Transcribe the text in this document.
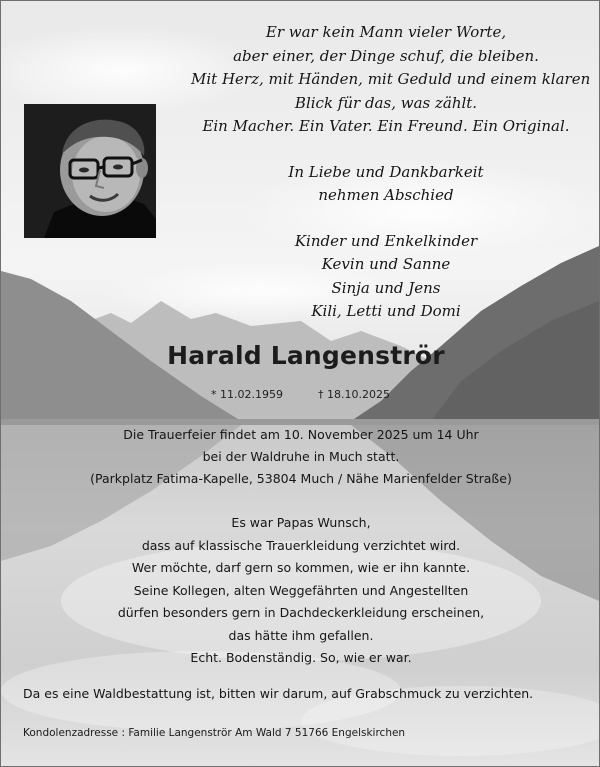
Er war kein Mann vieler Worte,
aber einer, der Dinge schuf, die bleiben.
Mit Herz, mit Händen, mit Geduld und einem klaren
Blick für das, was zählt.
Ein Macher. Ein Vater. Ein Freund. Ein Original.
In Liebe und Dankbarkeit
nehmen Abschied
Kinder und Enkelkinder
Kevin und Sanne
Sinja und Jens
Kili, Letti und Domi
Harald Langenströr
* 11.02.1959	† 18.10.2025
Die Trauerfeier findet am 10. November 2025 um 14 Uhr
bei der Waldruhe in Much statt.
(Parkplatz Fatima-Kapelle, 53804 Much / Nähe Marienfelder Straße)
Es war Papas Wunsch,
dass auf klassische Trauerkleidung verzichtet wird.
Wer möchte, darf gern so kommen, wie er ihn kannte.
Seine Kollegen, alten Weggefährten und Angestellten
dürfen besonders gern in Dachdeckerkleidung erscheinen,
das hätte ihm gefallen.
Echt. Bodenständig. So, wie er war.
Da es eine Waldbestattung ist, bitten wir darum, auf Grabschmuck zu verzichten.
Kondolenzadresse : Familie Langenströr Am Wald 7 51766 Engelskirchen
